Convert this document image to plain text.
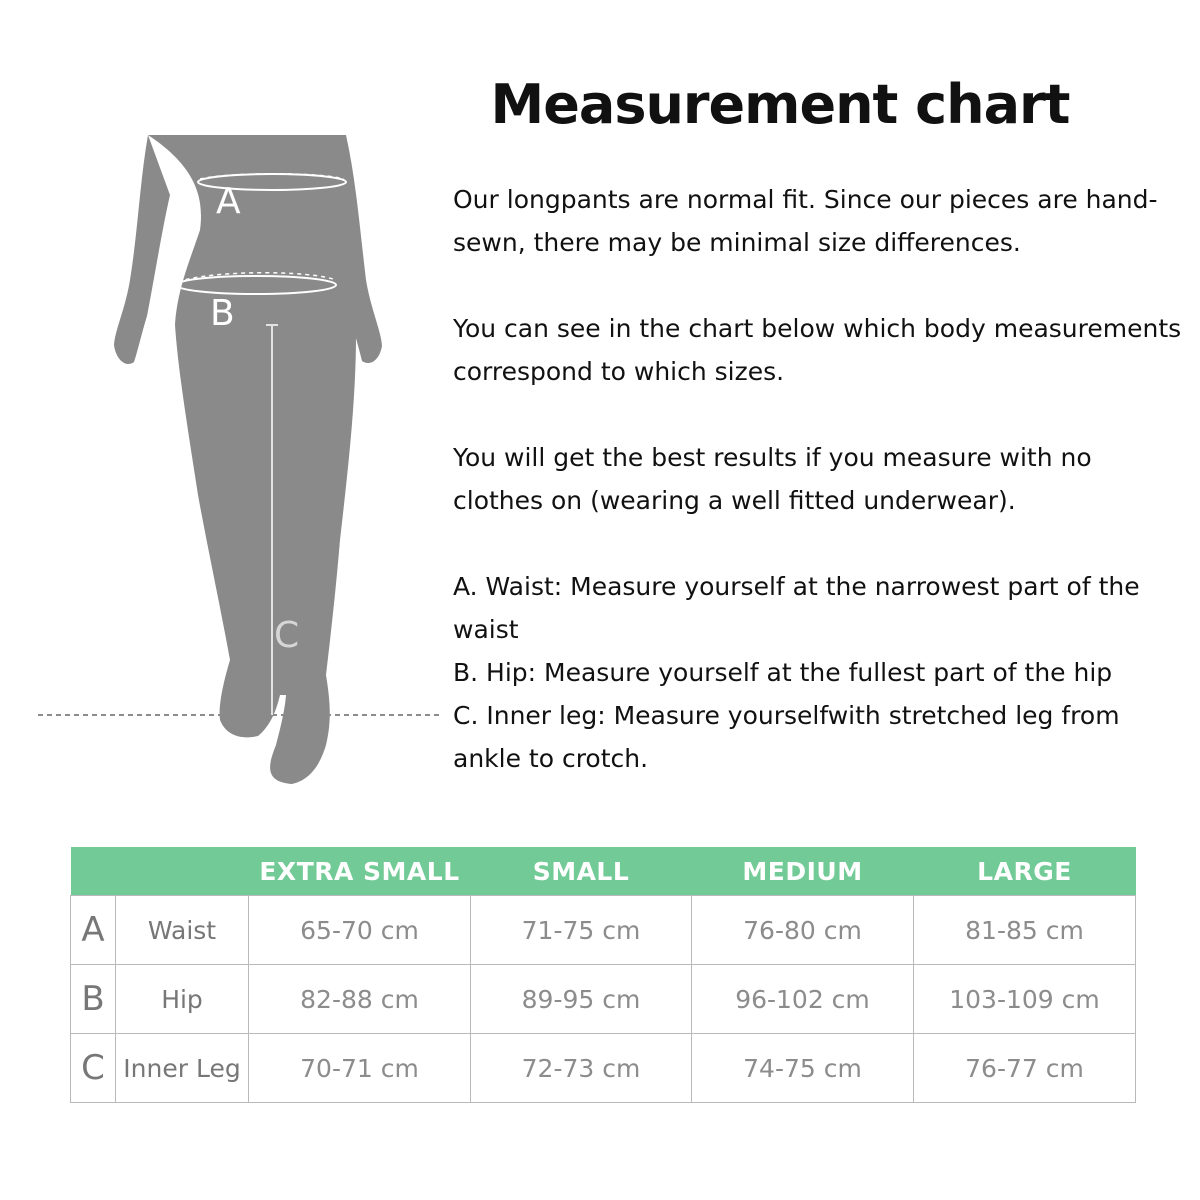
A
B
C
Measurement chart

Our longpants are normal fit. Since our pieces are hand-sewn, there may be minimal size differences.

You can see in the chart below which body measurements correspond to which sizes.

You will get the best results if you measure with no clothes on (wearing a well fitted underwear).

A. Waist: Measure yourself at the narrowest part of the waist

B. Hip: Measure yourself at the fullest part of the hip

C. Inner leg: Measure yourselfwith stretched leg from ankle to crotch.

		EXTRA SMALL	SMALL	MEDIUM	LARGE
A	Waist	65-70 cm	71-75 cm	76-80 cm	81-85 cm
B	Hip	82-88 cm	89-95 cm	96-102 cm	103-109 cm
C	Inner Leg	70-71 cm	72-73 cm	74-75 cm	76-77 cm
